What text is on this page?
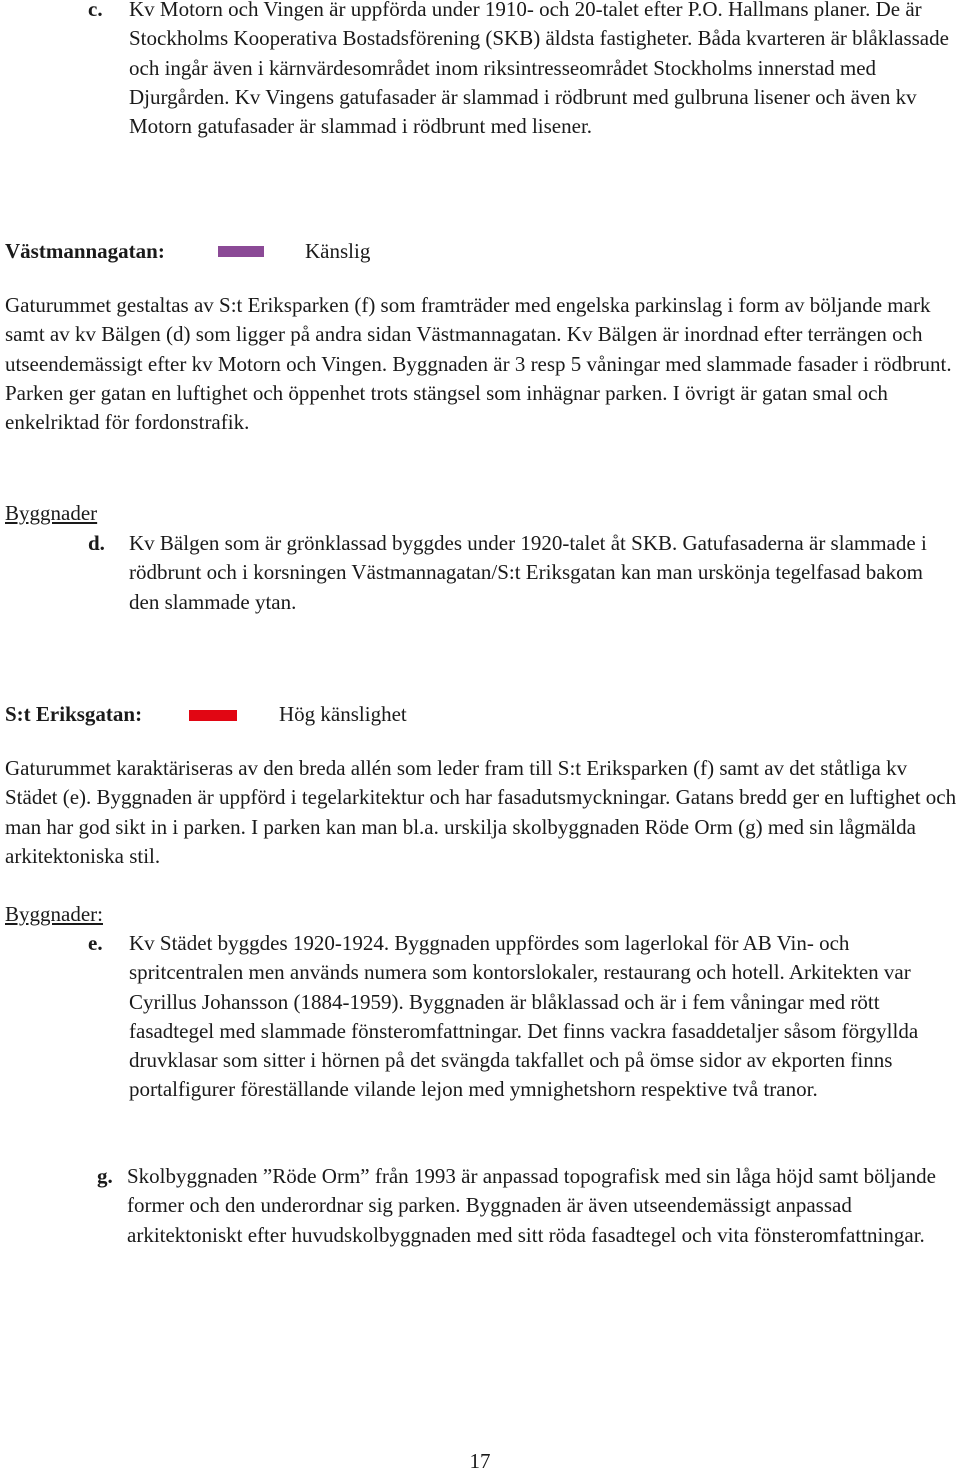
c. Kv Motorn och Vingen är uppförda under 1910- och 20-talet efter P.O. Hallmans planer. De är Stockholms Kooperativa Bostadsförening (SKB) äldsta fastigheter. Båda kvarteren är blåklassade och ingår även i kärnvärdesområdet inom riksintresseområdet Stockholms innerstad med Djurgården. Kv Vingens gatufasader är slammad i rödbrunt med gulbruna lisener och även kv Motorn gatufasader är slammad i rödbrunt med lisener.
Västmannagatan:	Känslig
Gaturummet gestaltas av S:t Eriksparken (f) som framträder med engelska parkinslag i form av böljande mark samt av kv Bälgen (d) som ligger på andra sidan Västmannagatan. Kv Bälgen är inordnad efter terrängen och utseendemässigt efter kv Motorn och Vingen. Byggnaden är 3 resp 5 våningar med slammade fasader i rödbrunt. Parken ger gatan en luftighet och öppenhet trots stängsel som inhägnar parken. I övrigt är gatan smal och enkelriktad för fordonstrafik.
Byggnader
d. Kv Bälgen som är grönklassad byggdes under 1920-talet åt SKB. Gatufasaderna är slammade i rödbrunt och i korsningen Västmannagatan/S:t Eriksgatan kan man urskönja tegelfasad bakom den slammade ytan.
S:t Eriksgatan:	Hög känslighet
Gaturummet karaktäriseras av den breda allén som leder fram till S:t Eriksparken (f) samt av det ståtliga kv Städet (e). Byggnaden är uppförd i tegelarkitektur och har fasadutsmyckningar. Gatans bredd ger en luftighet och man har god sikt in i parken. I parken kan man bl.a. urskilja skolbyggnaden Röde Orm (g) med sin lågmälda arkitektoniska stil.
Byggnader:
e. Kv Städet byggdes 1920-1924. Byggnaden uppfördes som lagerlokal för AB Vin- och spritcentralen men används numera som kontorslokaler, restaurang och hotell. Arkitekten var Cyrillus Johansson (1884-1959). Byggnaden är blåklassad och är i fem våningar med rött fasadtegel med slammade fönsteromfattningar. Det finns vackra fasaddetaljer såsom förgyllda druvklasar som sitter i hörnen på det svängda takfallet och på ömse sidor av ekporten finns portalfigurer föreställande vilande lejon med ymnighetshorn respektive två tranor.
g. Skolbyggnaden ”Röde Orm” från 1993 är anpassad topografisk med sin låga höjd samt böljande former och den underordnar sig parken. Byggnaden är även utseendemässigt anpassad arkitektoniskt efter huvudskolbyggnaden med sitt röda fasadtegel och vita fönsteromfattningar.
17
